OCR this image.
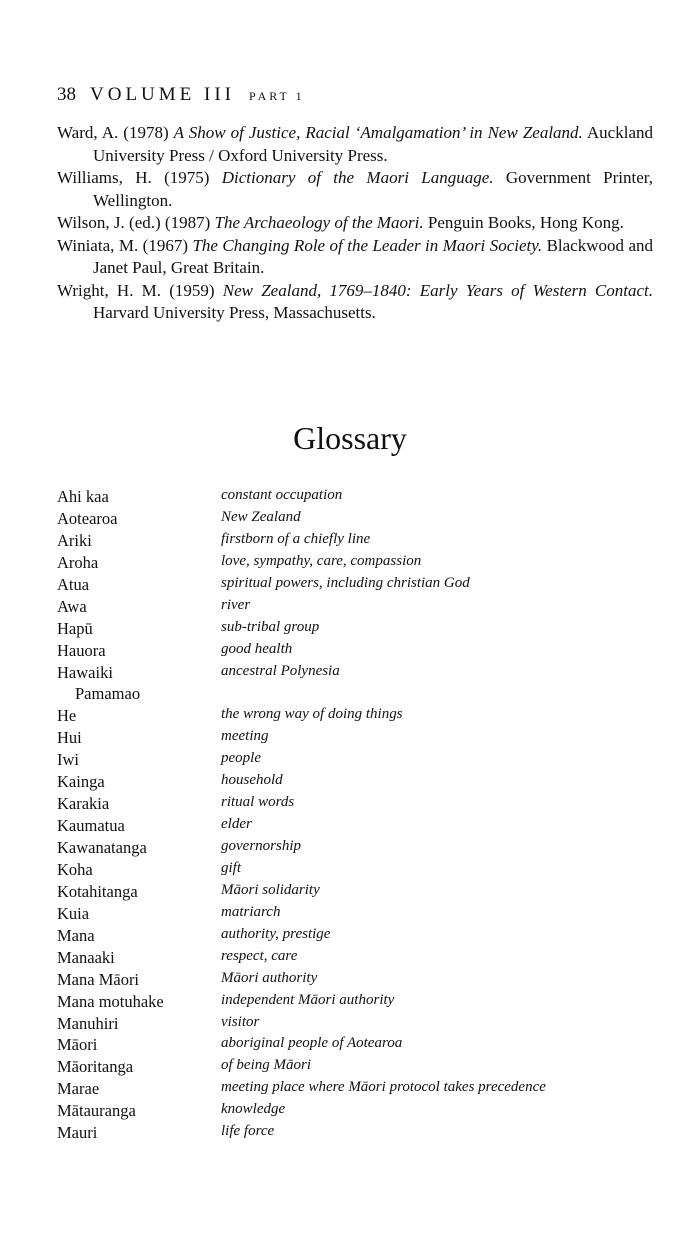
38 VOLUME III PART 1
Ward, A. (1978) A Show of Justice, Racial ‘Amalgamation’ in New Zealand. Auckland University Press / Oxford University Press.
Williams, H. (1975) Dictionary of the Maori Language. Government Printer, Wellington.
Wilson, J. (ed.) (1987) The Archaeology of the Maori. Penguin Books, Hong Kong.
Winiata, M. (1967) The Changing Role of the Leader in Maori Society. Blackwood and Janet Paul, Great Britain.
Wright, H. M. (1959) New Zealand, 1769–1840: Early Years of Western Contact. Harvard University Press, Massachusetts.
Glossary
Ahi kaa	constant occupation
Aotearoa	New Zealand
Ariki	firstborn of a chiefly line
Aroha	love, sympathy, care, compassion
Atua	spiritual powers, including christian God
Awa	river
Hapū	sub-tribal group
Hauora	good health
Hawaiki	ancestral Polynesia
Pamamao
He	the wrong way of doing things
Hui	meeting
Iwi	people
Kainga	household
Karakia	ritual words
Kaumatua	elder
Kawanatanga	governorship
Koha	gift
Kotahitanga	Māori solidarity
Kuia	matriarch
Mana	authority, prestige
Manaaki	respect, care
Mana Māori	Māori authority
Mana motuhake	independent Māori authority
Manuhiri	visitor
Māori	aboriginal people of Aotearoa
Māoritanga	of being Māori
Marae	meeting place where Māori protocol takes precedence
Mātauranga	knowledge
Mauri	life force
